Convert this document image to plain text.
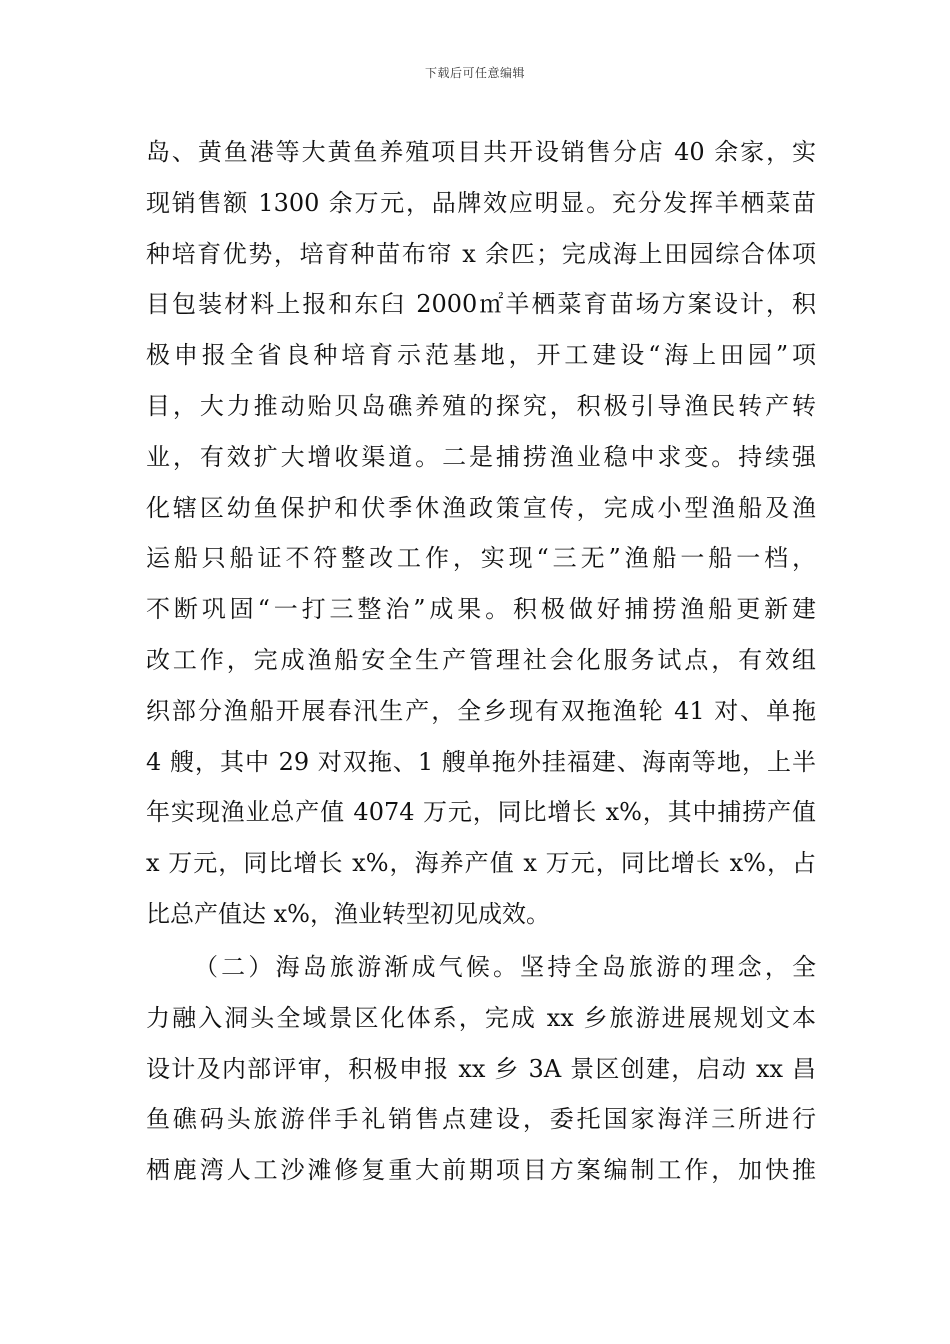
下载后可任意编辑
岛、黄鱼港等大黄鱼养殖项目共开设销售分店 40 余家，实
现销售额 1300 余万元，品牌效应明显。充分发挥羊栖菜苗
种培育优势，培育种苗布帘 x 余匹；完成海上田园综合体项
目包装材料上报和东臼 2000㎡羊栖菜育苗场方案设计，积
极申报全省良种培育示范基地，开工建设“海上田园”项
目，大力推动贻贝岛礁养殖的探究，积极引导渔民转产转
业，有效扩大增收渠道。二是捕捞渔业稳中求变。持续强
化辖区幼鱼保护和伏季休渔政策宣传，完成小型渔船及渔
运船只船证不符整改工作，实现“三无”渔船一船一档，
不断巩固“一打三整治”成果。积极做好捕捞渔船更新建
改工作，完成渔船安全生产管理社会化服务试点，有效组
织部分渔船开展春汛生产，全乡现有双拖渔轮 41 对、单拖
4 艘，其中 29 对双拖、1 艘单拖外挂福建、海南等地，上半
年实现渔业总产值 4074 万元，同比增长 x%，其中捕捞产值
x 万元，同比增长 x%，海养产值 x 万元，同比增长 x%，占
比总产值达 x%，渔业转型初见成效。
（二）海岛旅游渐成气候。坚持全岛旅游的理念，全
力融入洞头全域景区化体系，完成 xx 乡旅游进展规划文本
设计及内部评审，积极申报 xx 乡 3A 景区创建，启动 xx 昌
鱼礁码头旅游伴手礼销售点建设，委托国家海洋三所进行
栖鹿湾人工沙滩修复重大前期项目方案编制工作，加快推
